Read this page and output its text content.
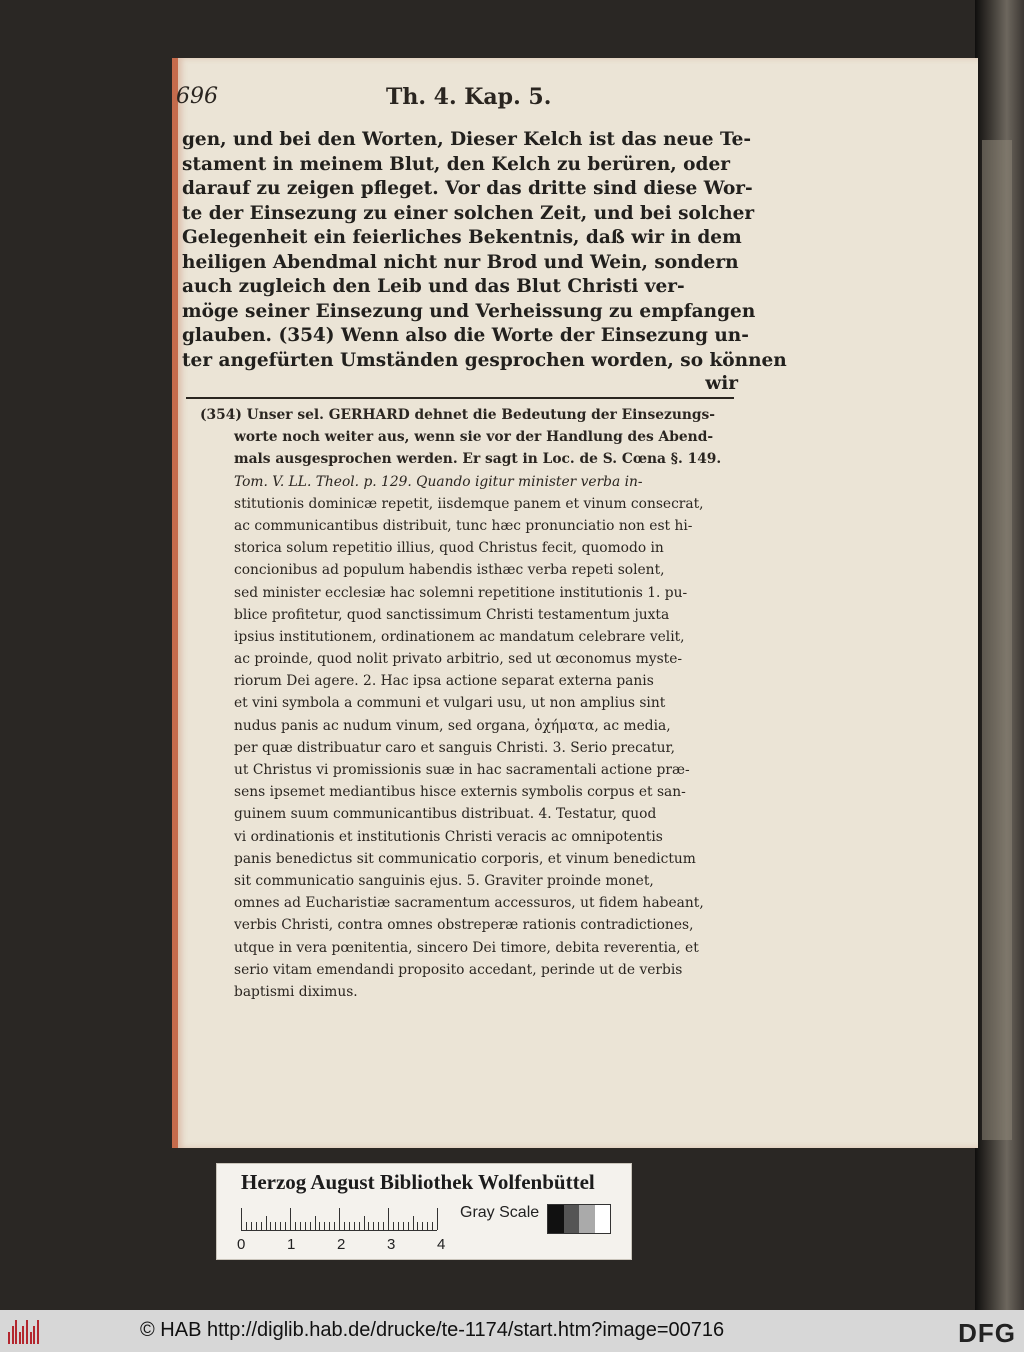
696	Th. 4. Kap. 5.
gen, und bei den Worten, Dieser Kelch ist das neue Te-
stament in meinem Blut, den Kelch zu berüren, oder
darauf zu zeigen pfleget. Vor das dritte sind diese Wor-
te der Einsezung zu einer solchen Zeit, und bei solcher
Gelegenheit ein feierliches Bekentnis, daß wir in dem
heiligen Abendmal nicht nur Brod und Wein, sondern
auch zugleich den Leib und das Blut Christi ver-
möge seiner Einsezung und Verheissung zu empfangen
glauben. (354) Wenn also die Worte der Einsezung un-
ter angefürten Umständen gesprochen worden, so können
wir
(354) Unser sel. GERHARD dehnet die Bedeutung der Einsezungs-
worte noch weiter aus, wenn sie vor der Handlung des Abend-
mals ausgesprochen werden. Er sagt in Loc. de S. Cœna §. 149.
Tom. V. LL. Theol. p. 129. Quando igitur minister verba in-
stitutionis dominicæ repetit, iisdemque panem et vinum consecrat,
ac communicantibus distribuit, tunc hæc pronunciatio non est hi-
storica solum repetitio illius, quod Christus fecit, quomodo in
concionibus ad populum habendis isthæc verba repeti solent,
sed minister ecclesiæ hac solemni repetitione institutionis 1. pu-
blice profitetur, quod sanctissimum Christi testamentum juxta
ipsius institutionem, ordinationem ac mandatum celebrare velit,
ac proinde, quod nolit privato arbitrio, sed ut œconomus myste-
riorum Dei agere. 2. Hac ipsa actione separat externa panis
et vini symbola a communi et vulgari usu, ut non amplius sint
nudus panis ac nudum vinum, sed organa, ὀχήματα, ac media,
per quæ distribuatur caro et sanguis Christi. 3. Serio precatur,
ut Christus vi promissionis suæ in hac sacramentali actione præ-
sens ipsemet mediantibus hisce externis symbolis corpus et san-
guinem suum communicantibus distribuat. 4. Testatur, quod
vi ordinationis et institutionis Christi veracis ac omnipotentis
panis benedictus sit communicatio corporis, et vinum benedictum
sit communicatio sanguinis ejus. 5. Graviter proinde monet,
omnes ad Eucharistiæ sacramentum accessuros, ut fidem habeant,
verbis Christi, contra omnes obstreperæ rationis contradictiones,
utque in vera pœnitentia, sincero Dei timore, debita reverentia, et
serio vitam emendandi proposito accedant, perinde ut de verbis
baptismi diximus.
Herzog August Bibliothek Wolfenbüttel
0	1	2	3	4
Gray Scale
© HAB http://diglib.hab.de/drucke/te-1174/start.htm?image=00716	DFG
